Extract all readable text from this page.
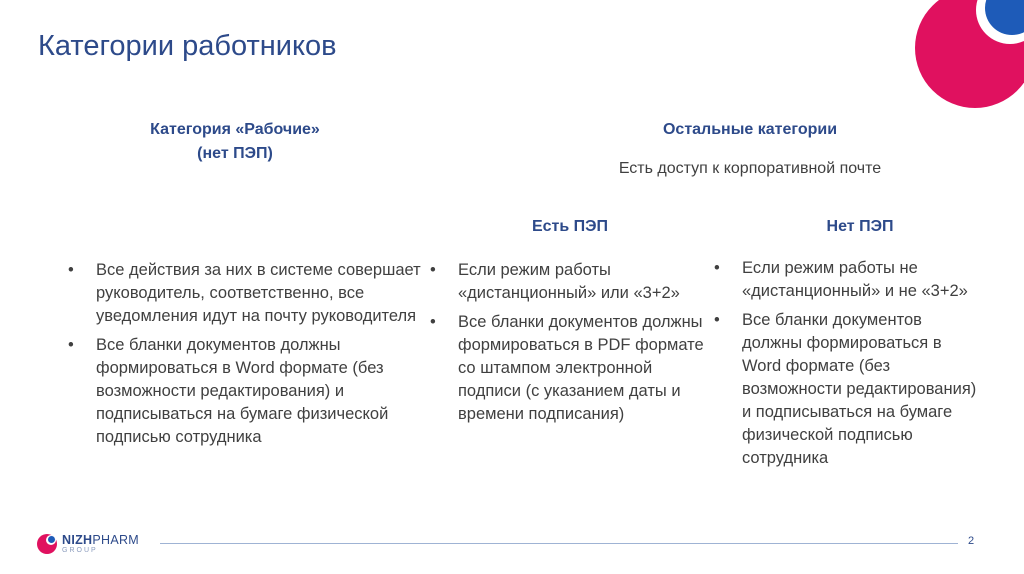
Категории работников
Категория «Рабочие»
(нет ПЭП)
Остальные категории
Есть доступ к корпоративной почте
Есть ПЭП	Нет ПЭП
• Все действия за них в системе совершает руководитель, соответственно, все уведомления идут на почту руководителя
• Все бланки документов должны формироваться в Word формате (без возможности редактирования) и подписываться на бумаге физической подписью сотрудника
• Если режим работы «дистанционный» или «3+2»
• Все бланки документов должны формироваться в PDF формате со штампом электронной подписи (с указанием даты и времени подписания)
• Если режим работы не «дистанционный» и не «3+2»
• Все бланки документов должны формироваться в Word формате (без возможности редактирования) и подписываться на бумаге физической подписью сотрудника
NIZHPHARM
GROUP
2
